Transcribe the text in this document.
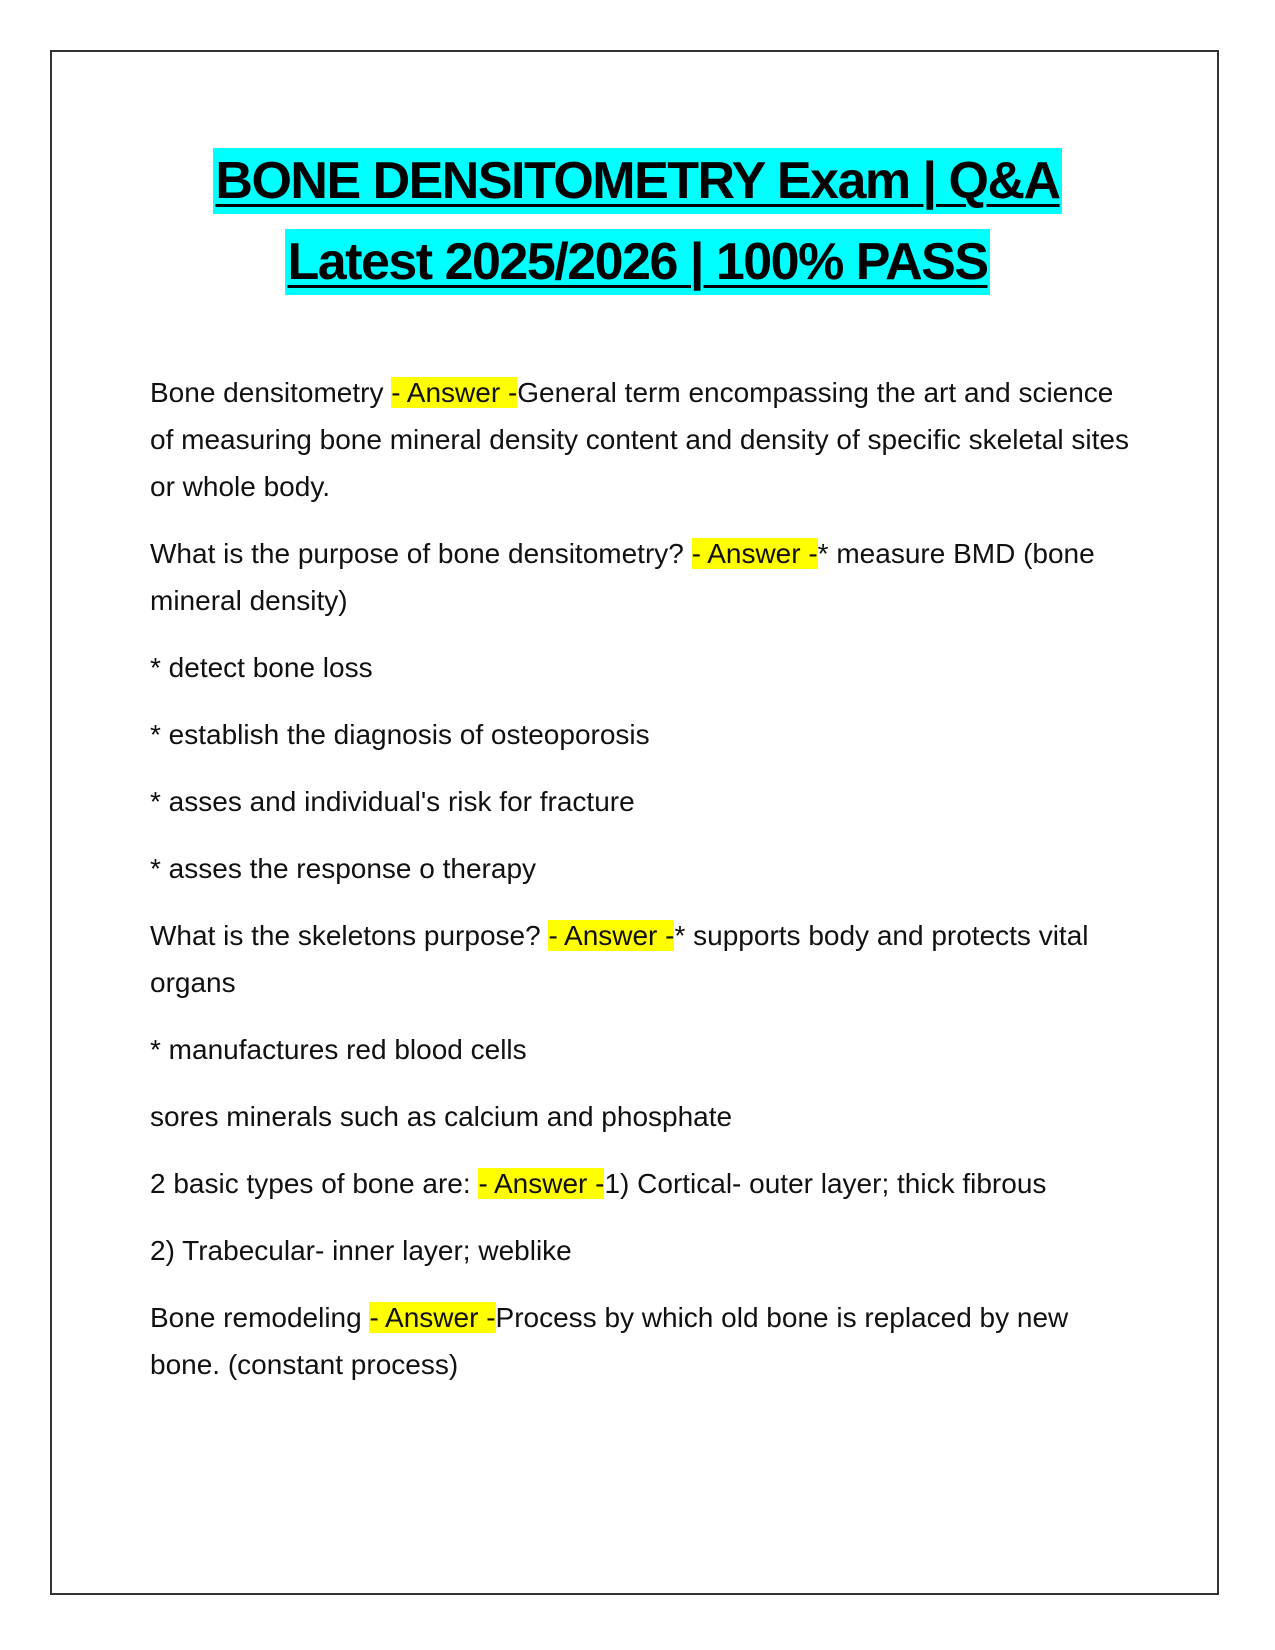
BONE DENSITOMETRY Exam | Q&A
Latest 2025/2026 | 100% PASS

Bone densitometry - Answer -General term encompassing the art and science of measuring bone mineral density content and density of specific skeletal sites or whole body.

What is the purpose of bone densitometry? - Answer -* measure BMD (bone mineral density)

* detect bone loss

* establish the diagnosis of osteoporosis

* asses and individual's risk for fracture

* asses the response o therapy

What is the skeletons purpose? - Answer -* supports body and protects vital organs

* manufactures red blood cells

sores minerals such as calcium and phosphate

2 basic types of bone are: - Answer -1) Cortical- outer layer; thick fibrous

2) Trabecular- inner layer; weblike

Bone remodeling - Answer -Process by which old bone is replaced by new bone. (constant process)
